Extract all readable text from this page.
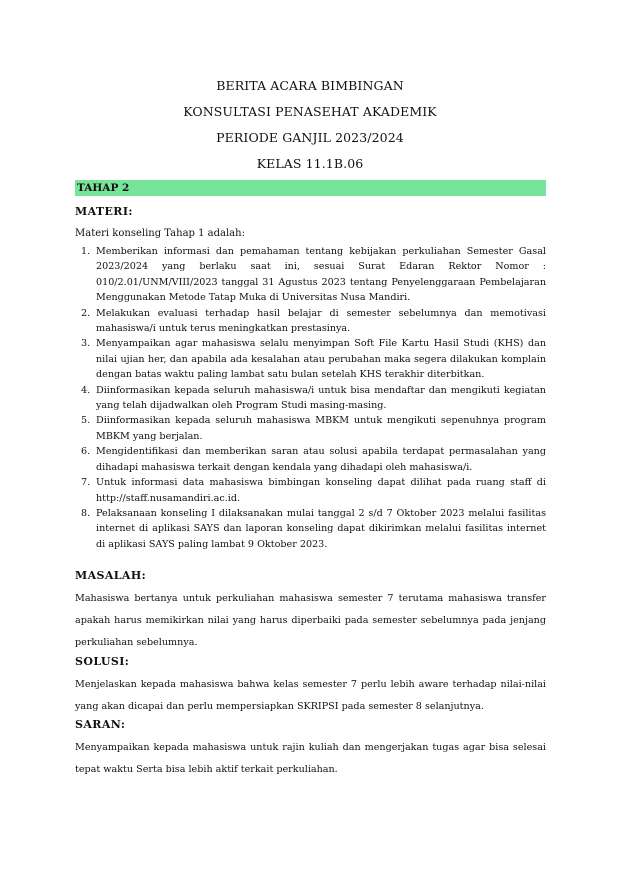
BERITA ACARA BIMBINGAN
KONSULTASI PENASEHAT AKADEMIK
PERIODE GANJIL 2023/2024
KELAS 11.1B.06
TAHAP 2
MATERI:
Materi konseling Tahap 1 adalah:
1. Memberikan informasi dan pemahaman tentang kebijakan perkuliahan Semester Gasal 2023/2024 yang berlaku saat ini, sesuai Surat Edaran Rektor Nomor : 010/2.01/UNM/VIII/2023 tanggal 31 Agustus 2023 tentang Penyelenggaraan Pembelajaran Menggunakan Metode Tatap Muka di Universitas Nusa Mandiri.
2. Melakukan evaluasi terhadap hasil belajar di semester sebelumnya dan memotivasi mahasiswa/i untuk terus meningkatkan prestasinya.
3. Menyampaikan agar mahasiswa selalu menyimpan Soft File Kartu Hasil Studi (KHS) dan nilai ujian her, dan apabila ada kesalahan atau perubahan maka segera dilakukan komplain dengan batas waktu paling lambat satu bulan setelah KHS terakhir diterbitkan.
4. Diinformasikan kepada seluruh mahasiswa/i untuk bisa mendaftar dan mengikuti kegiatan yang telah dijadwalkan oleh Program Studi masing-masing.
5. Diinformasikan kepada seluruh mahasiswa MBKM untuk mengikuti sepenuhnya program MBKM yang berjalan.
6. Mengidentifikasi dan memberikan saran atau solusi apabila terdapat permasalahan yang dihadapi mahasiswa terkait dengan kendala yang dihadapi oleh mahasiswa/i.
7. Untuk informasi data mahasiswa bimbingan konseling dapat dilihat pada ruang staff di http://staff.nusamandiri.ac.id.
8. Pelaksanaan konseling I dilaksanakan mulai tanggal 2 s/d 7 Oktober 2023 melalui fasilitas internet di aplikasi SAYS dan laporan konseling dapat dikirimkan melalui fasilitas internet di aplikasi SAYS paling lambat 9 Oktober 2023.
MASALAH:
Mahasiswa bertanya untuk perkuliahan mahasiswa semester 7 terutama mahasiswa transfer apakah harus memikirkan nilai yang harus diperbaiki pada semester sebelumnya pada jenjang perkuliahan sebelumnya.
SOLUSI:
Menjelaskan kepada mahasiswa bahwa kelas semester 7 perlu lebih aware terhadap nilai-nilai yang akan dicapai dan perlu mempersiapkan SKRIPSI pada semester 8 selanjutnya.
SARAN:
Menyampaikan kepada mahasiswa untuk rajin kuliah dan mengerjakan tugas agar bisa selesai tepat waktu Serta bisa lebih aktif terkait perkuliahan.
